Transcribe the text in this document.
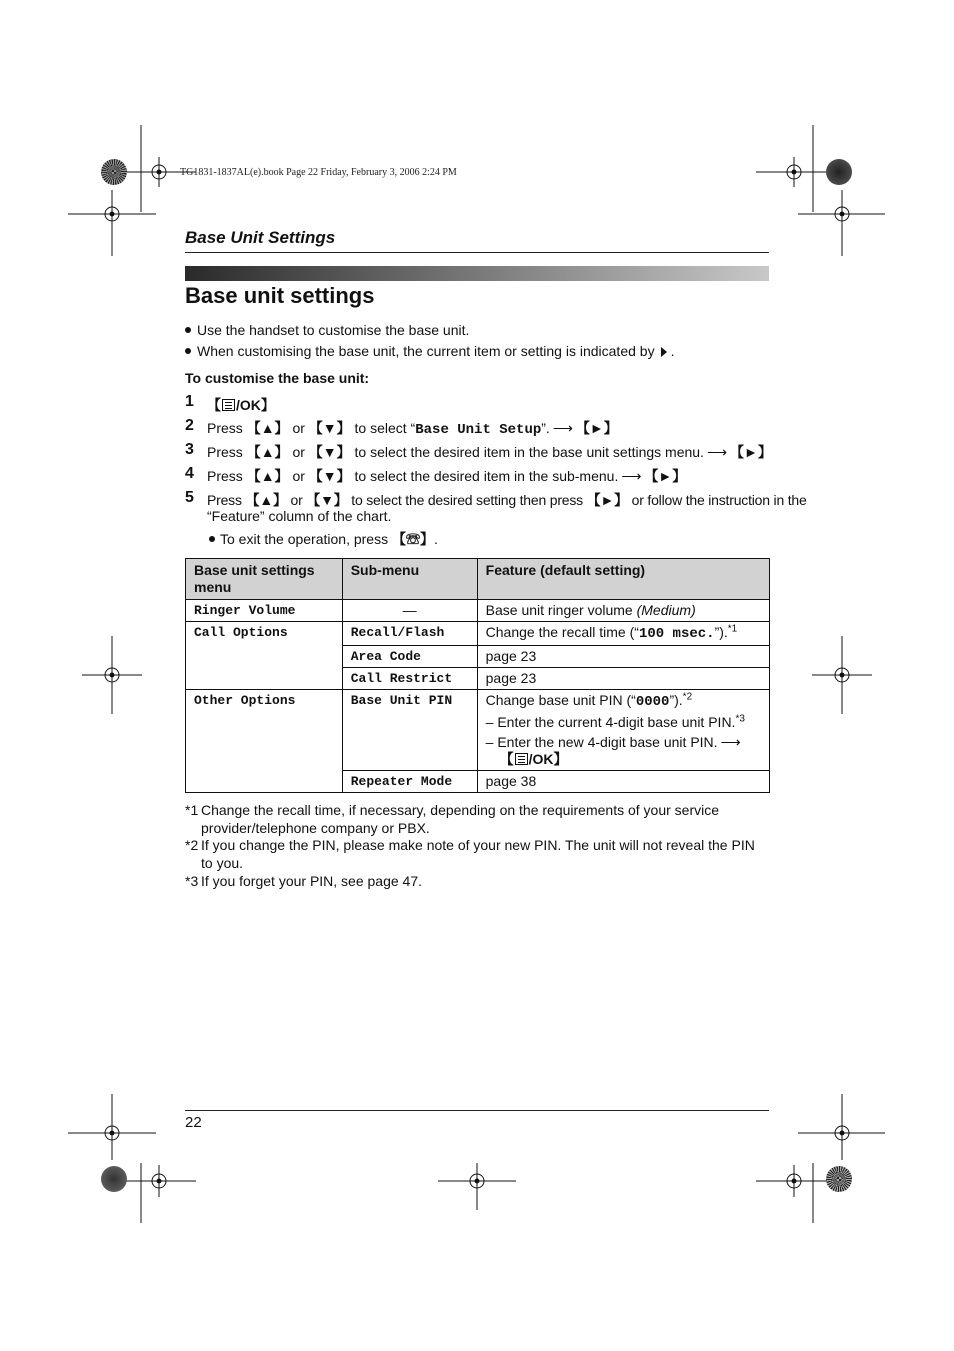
TG1831-1837AL(e).book Page 22 Friday, February 3, 2006 2:24 PM
Base Unit Settings
Base unit settings
Use the handset to customise the base unit.
When customising the base unit, the current item or setting is indicated by .
To customise the base unit:
1 【 /OK】
2 Press 【▲】 or 【▼】 to select “Base Unit Setup”. ⟶ 【►】
3 Press 【▲】 or 【▼】 to select the desired item in the base unit settings menu. ⟶ 【►】
4 Press 【▲】 or 【▼】 to select the desired item in the sub-menu. ⟶ 【►】
5 Press 【▲】 or 【▼】 to select the desired setting then press 【►】 or follow the instruction in the
“Feature” column of the chart.
To exit the operation, press 【☏】.
Base unit settings menu	Sub-menu	Feature (default setting)
Ringer Volume	—	Base unit ringer volume (Medium)
Call Options	Recall/Flash	Change the recall time (“100 msec.”).$^{*1}$
	Area Code	page 23
	Call Restrict	page 23
Other Options	Base Unit PIN	Change base unit PIN (“0000”).$^{*2}$
– Enter the current 4-digit base unit PIN.$^{*3}$
– Enter the new 4-digit base unit PIN. ⟶
【 /OK】

	Repeater Mode	page 38
*1 Change the recall time, if necessary, depending on the requirements of your service
provider/telephone company or PBX.
*2 If you change the PIN, please make note of your new PIN. The unit will not reveal the PIN
to you.
*3 If you forget your PIN, see page 47.
22
